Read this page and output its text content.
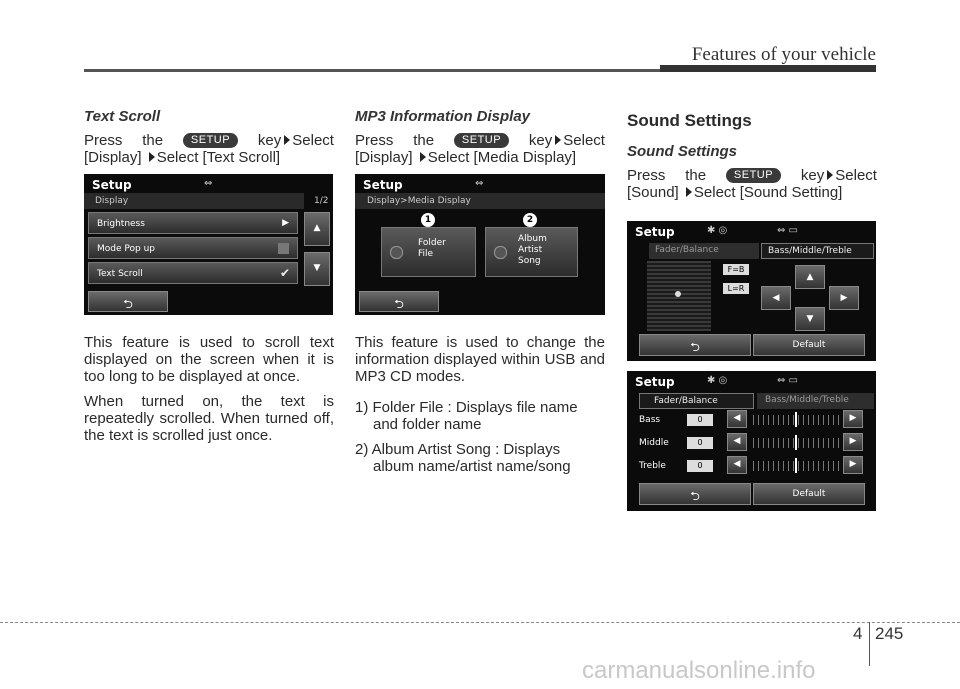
Features of your vehicle
Text Scroll
Press the	SETUP	key Select
[Display] Select [Text Scroll]
Setup	⇔
Display	1/2
Brightness	▶
Mode Pop up
Text Scroll	✔
▲
▼
⮌
This feature is used to scroll text displayed on the screen when it is too long to be displayed at once.
When turned on, the text is repeatedly scrolled. When turned off, the text is scrolled just once.
MP3 Information Display
Press the	SETUP	key Select
[Display] Select [Media Display]
Setup	⇔
Display>Media Display
1	2
Folder File
Album Artist Song
⮌
This feature is used to change the information displayed within USB and MP3 CD modes.
1) Folder File : Displays file name and folder name
2) Album Artist Song : Displays album name/artist name/song
Sound Settings
Sound Settings
Press the	SETUP	key Select
[Sound] Select [Sound Setting]
Setup	✱ ◎	⇔ ▭
Fader/Balance	Bass/Middle/Treble
F=B
L=R
▲
◀	▶
▼
⮌	Default
Setup	✱ ◎	⇔ ▭
Fader/Balance	Bass/Middle/Treble
Bass	0
Middle	0
Treble	0
◀	▶
◀	▶
◀	▶
⮌	Default
4 245
carmanualsonline.info
